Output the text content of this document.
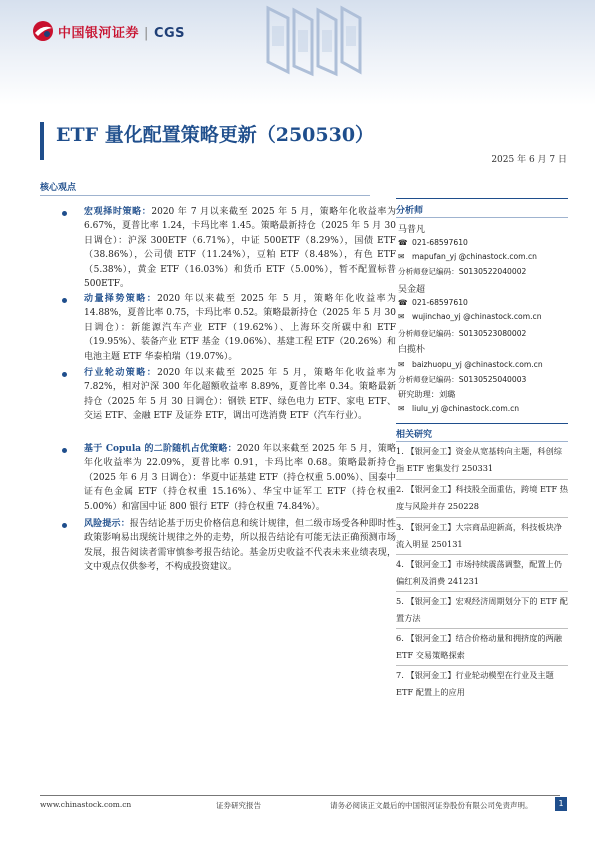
中国银河证券 | CGS
ETF 量化配置策略更新（250530）
2025 年 6 月 7 日
核心观点

宏观择时策略：2020 年 7 月以来截至 2025 年 5 月，策略年化收益率为 6.67%，夏普比率 1.24，卡玛比率 1.45。策略最新持仓（2025 年 5 月 30 日调仓）：沪深 300ETF（6.71%），中证 500ETF（8.29%），国债 ETF（38.86%），公司债 ETF（11.24%），豆粕 ETF（8.48%），有色 ETF（5.38%），黄金 ETF（16.03%）和货币 ETF（5.00%），暂不配置标普 500ETF。

动量择势策略：2020 年以来截至 2025 年 5 月，策略年化收益率为 14.88%，夏普比率 0.75，卡玛比率 0.52。策略最新持仓（2025 年 5 月 30 日调仓）：新能源汽车产业 ETF（19.62%）、上海环交所碳中和 ETF（19.95%）、装备产业 ETF 基金（19.06%）、基建工程 ETF（20.26%）和电池主题 ETF 华泰柏瑞（19.07%）。

行业轮动策略：2020 年以来截至 2025 年 5 月，策略年化收益率为 7.82%，相对沪深 300 年化超额收益率 8.89%，夏普比率 0.34。策略最新持仓（2025 年 5 月 30 日调仓）：钢铁 ETF、绿色电力 ETF、家电 ETF、交运 ETF、金融 ETF 及证券 ETF，调出可选消费 ETF（汽车行业）。

基于 Copula 的二阶随机占优策略：2020 年以来截至 2025 年 5 月，策略年化收益率为 22.09%，夏普比率 0.91，卡玛比率 0.68。策略最新持仓（2025 年 6 月 3 日调仓）：华夏中证基建 ETF（持仓权重 5.00%）、国泰中证有色金属 ETF（持仓权重 15.16%）、华宝中证军工 ETF（持仓权重 5.00%）和富国中证 800 银行 ETF（持仓权重 74.84%）。

风险提示：报告结论基于历史价格信息和统计规律，但二级市场受各种即时性政策影响易出现统计规律之外的走势，所以报告结论有可能无法正确预测市场发展，报告阅读者需审慎参考报告结论。基金历史收益不代表未来业绩表现，文中观点仅供参考，不构成投资建议。

分析师
马普凡
☎ 021-68597610
✉ mapufan_yj @chinastock.com.cn
分析师登记编码：S0130522040002
吴金超
☎ 021-68597610
✉ wujinchao_yj @chinastock.com.cn
分析师登记编码：S0130523080002
白揽朴
✉ baizhuopu_yj @chinastock.com.cn
分析师登记编码：S0130525040003
研究助理：刘璐
✉ liulu_yj @chinastock.com.cn
相关研究
1. 【银河金工】资金从宽基转向主题，科创综指 ETF 密集发行 250331
2. 【银河金工】科技股全面重估，跨境 ETF 热度与风险并存 250228
3. 【银河金工】大宗商品迎新高，科技板块净流入明显 250131
4. 【银河金工】市场持续震荡调整，配置上仍偏红利及消费 241231
5. 【银河金工】宏观经济周期划分下的 ETF 配置方法
6. 【银河金工】结合价格动量和拥挤度的两融 ETF 交易策略探索
7. 【银河金工】行业轮动模型在行业及主题 ETF 配置上的应用
www.chinastock.com.cn	证券研究报告	请务必阅读正文最后的中国银河证券股份有限公司免责声明。	1
